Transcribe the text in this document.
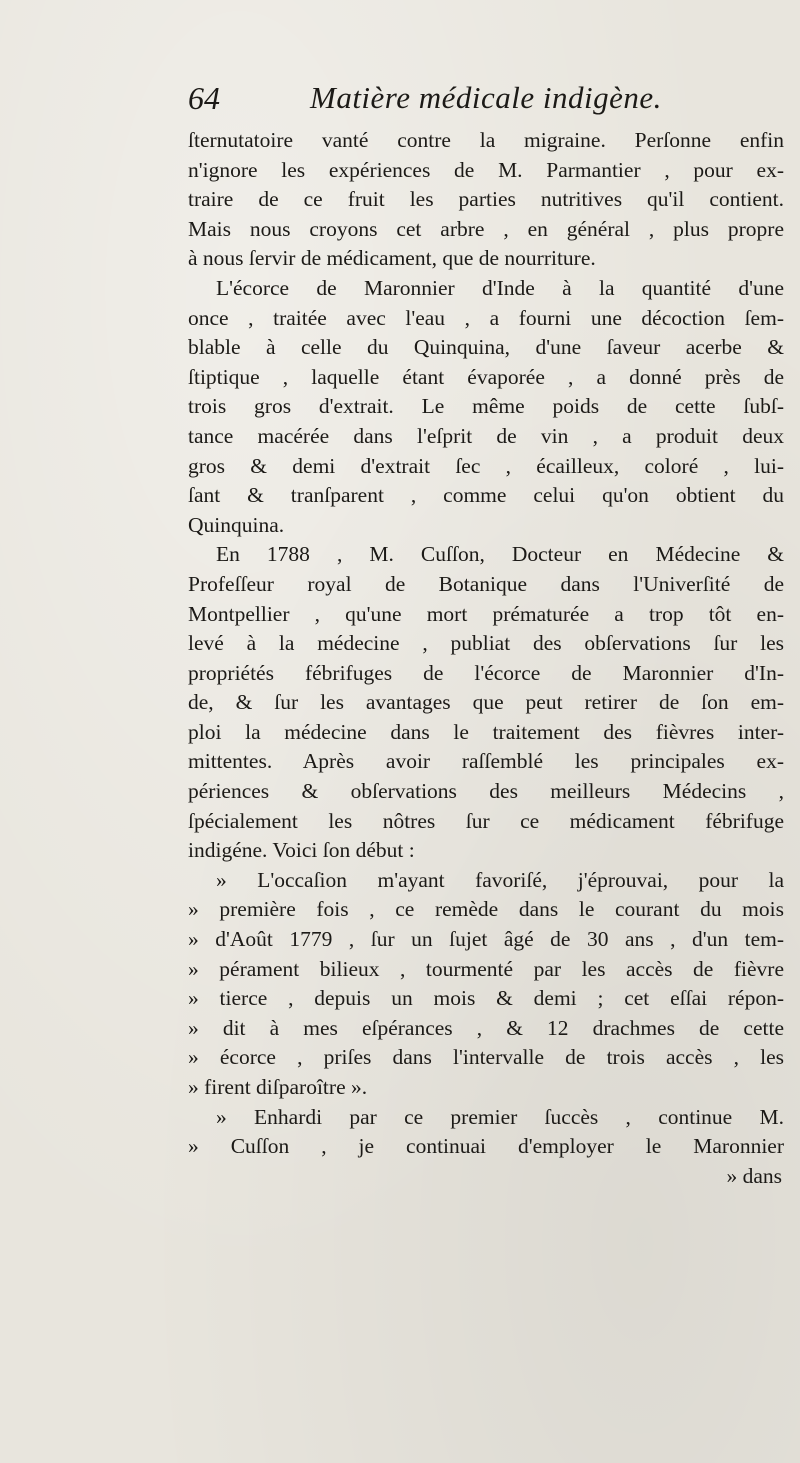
64	Matière médicale indigène.
ſternutatoire vanté contre la migraine. Perſonne enfin
n'ignore les expériences de M. Parmantier , pour ex-
traire de ce fruit les parties nutritives qu'il contient.
Mais nous croyons cet arbre , en général , plus propre
à nous ſervir de médicament, que de nourriture.
L'écorce de Maronnier d'Inde à la quantité d'une
once , traitée avec l'eau , a fourni une décoction ſem-
blable à celle du Quinquina, d'une ſaveur acerbe &
ſtiptique , laquelle étant évaporée , a donné près de
trois gros d'extrait. Le même poids de cette ſubſ-
tance macérée dans l'eſprit de vin , a produit deux
gros & demi d'extrait ſec , écailleux, coloré , lui-
ſant & tranſparent , comme celui qu'on obtient du
Quinquina.
En 1788 , M. Cuſſon, Docteur en Médecine &
Profeſſeur royal de Botanique dans l'Univerſité de
Montpellier , qu'une mort prématurée a trop tôt en-
levé à la médecine , publiat des obſervations ſur les
propriétés fébrifuges de l'écorce de Maronnier d'In-
de, & ſur les avantages que peut retirer de ſon em-
ploi la médecine dans le traitement des fièvres inter-
mittentes. Après avoir raſſemblé les principales ex-
périences & obſervations des meilleurs Médecins ,
ſpécialement les nôtres ſur ce médicament fébrifuge
indigéne. Voici ſon début :
» L'occaſion m'ayant favoriſé, j'éprouvai, pour la
» première fois , ce remède dans le courant du mois
» d'Août 1779 , ſur un ſujet âgé de 30 ans , d'un tem-
» pérament bilieux , tourmenté par les accès de fièvre
» tierce , depuis un mois & demi ; cet eſſai répon-
» dit à mes eſpérances , & 12 drachmes de cette
» écorce , priſes dans l'intervalle de trois accès , les
» firent diſparoître ».
» Enhardi par ce premier ſuccès , continue M.
» Cuſſon , je continuai d'employer le Maronnier
» dans
